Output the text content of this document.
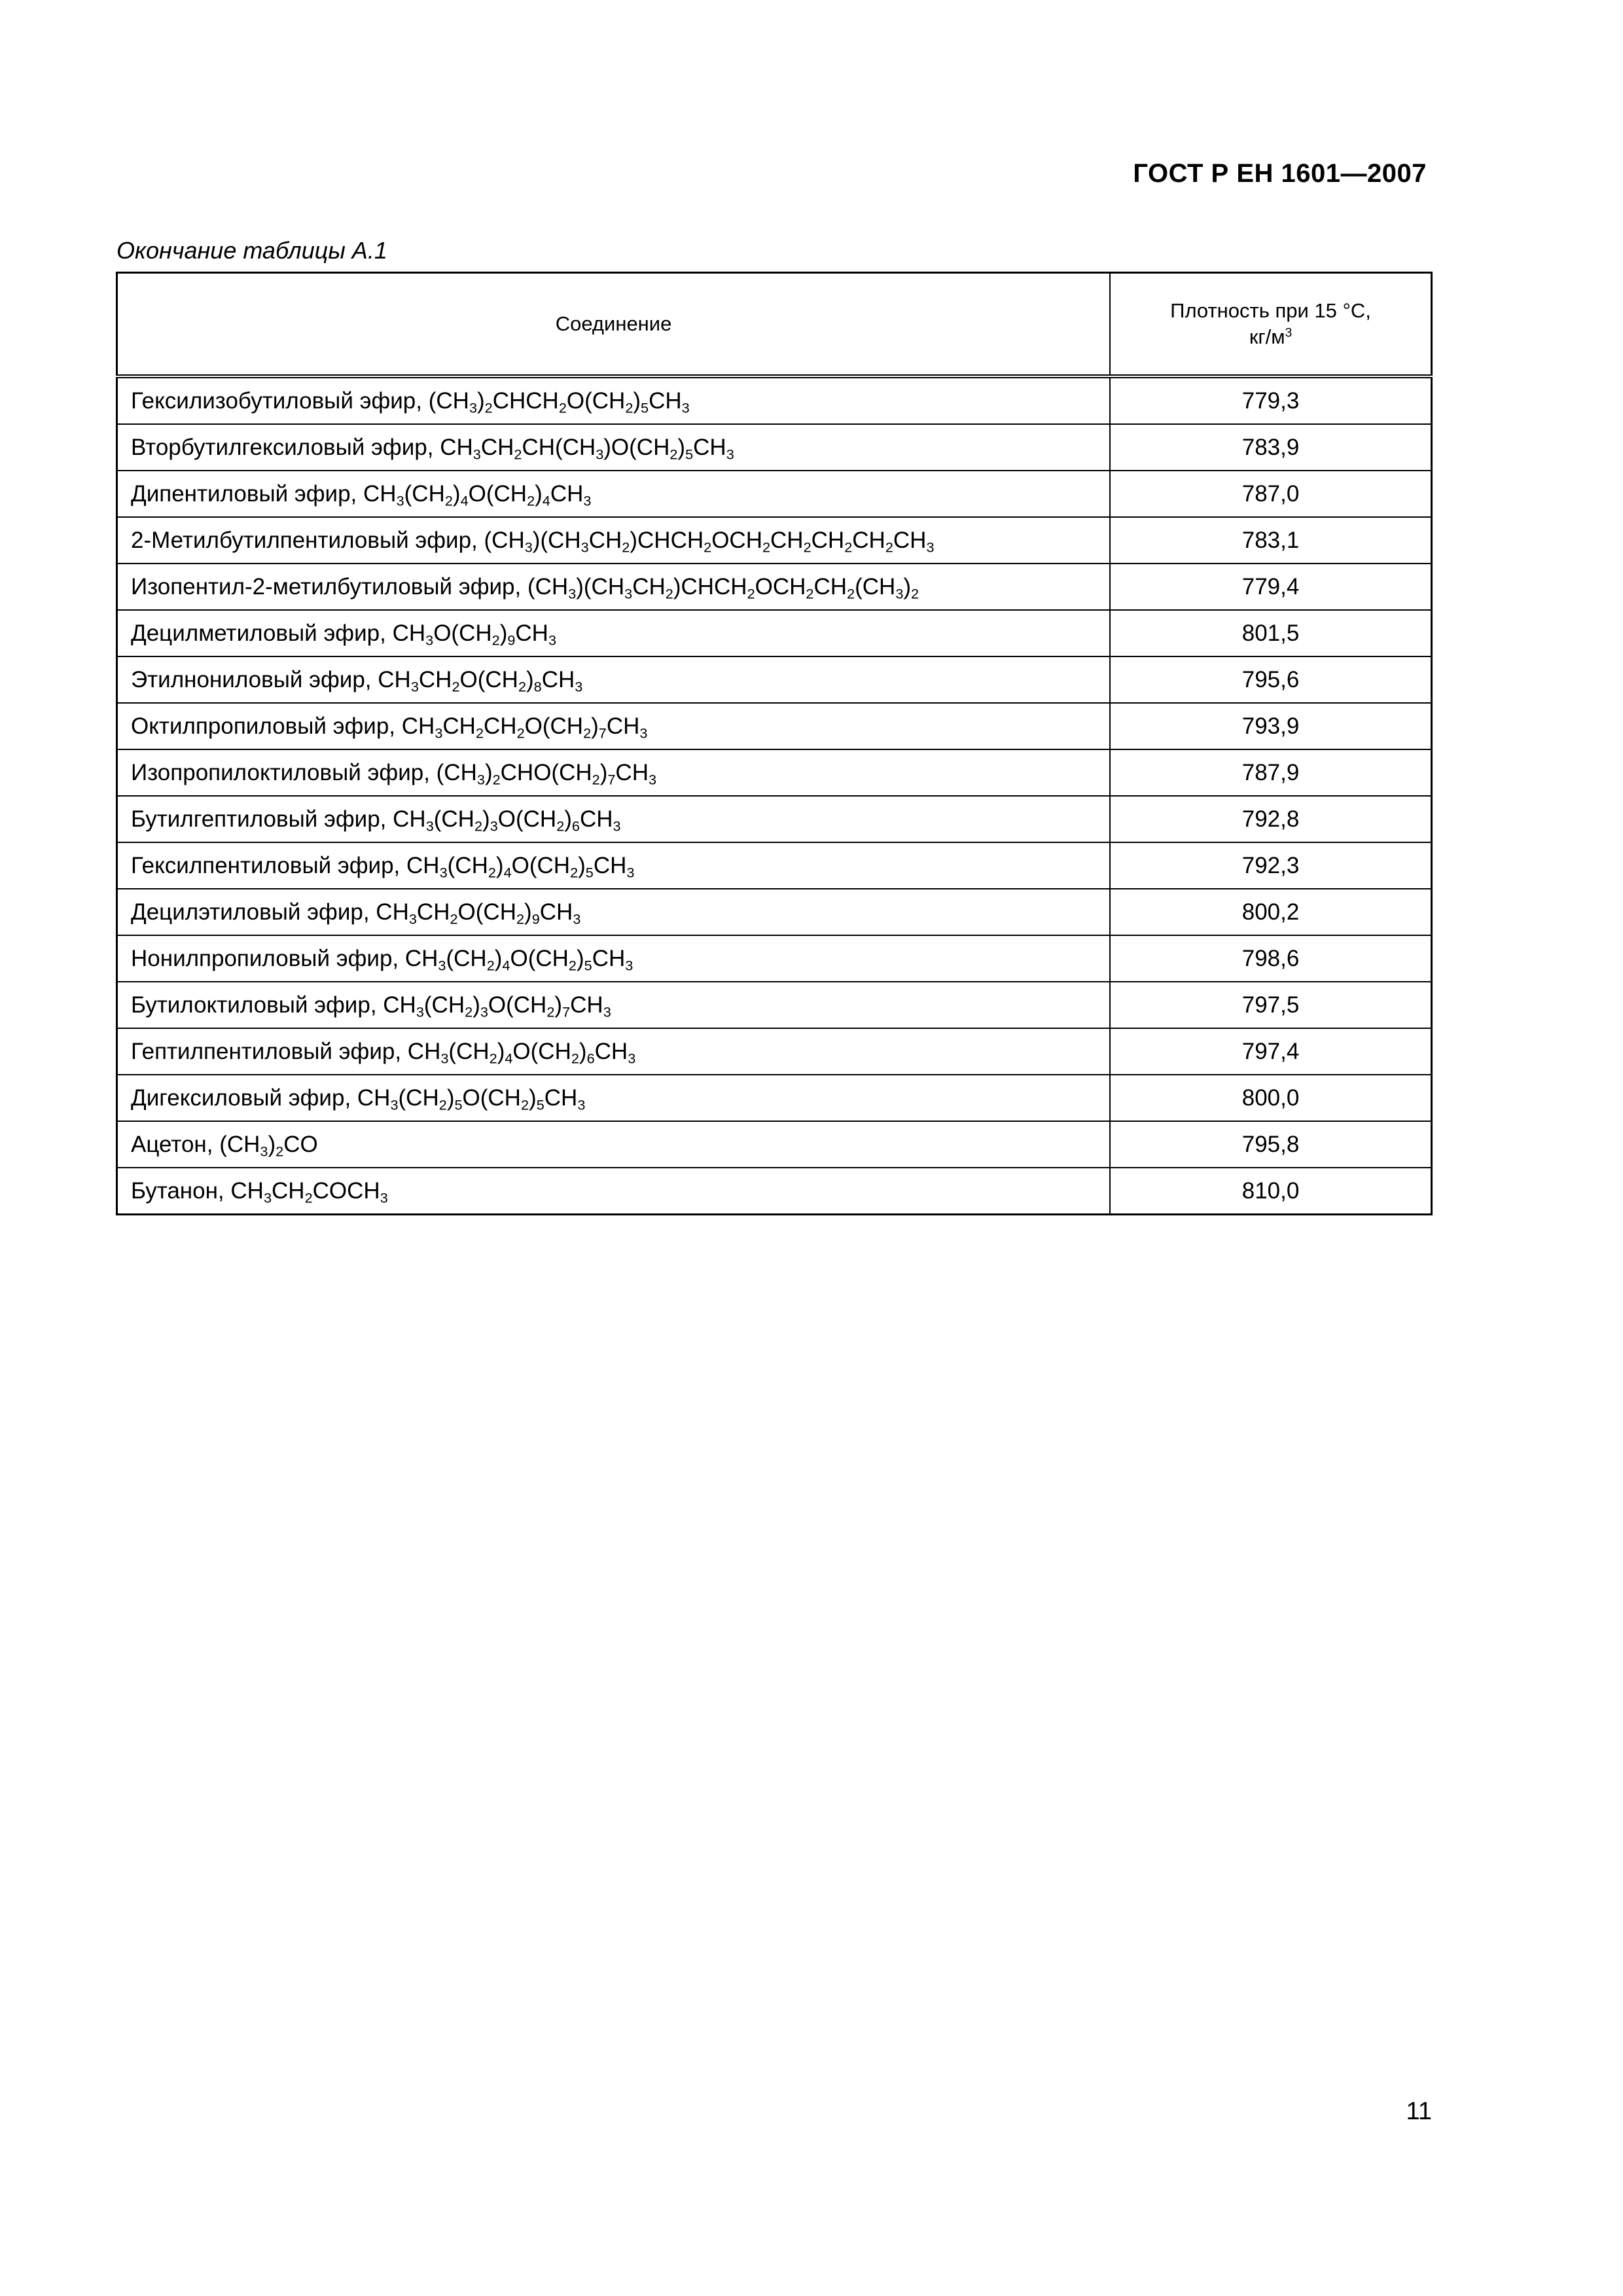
ГОСТ Р ЕН 1601—2007
Окончание таблицы А.1
Соединение	Плотность при 15 °С,
$кг/м^3$
Гексилизобутиловый эфир, $(CH_3)_2CHCH_2O(CH_2)_5CH_3$	779,3
Вторбутилгексиловый эфир, $CH_3CH_2CH(CH_3)O(CH_2)_5CH_3$	783,9
Дипентиловый эфир, $CH_3(CH_2)_4O(CH_2)_4CH_3$	787,0
2-Метилбутилпентиловый эфир, $(CH_3)(CH_3CH_2)CHCH_2OCH_2CH_2CH_2CH_2CH_3$	783,1
Изопентил-2-метилбутиловый эфир, $(CH_3)(CH_3CH_2)CHCH_2OCH_2CH_2(CH_3)_2$	779,4
Децилметиловый эфир, $CH_3O(CH_2)_9CH_3$	801,5
Этилнониловый эфир, $CH_3CH_2O(CH_2)_8CH_3$	795,6
Октилпропиловый эфир, $CH_3CH_2CH_2O(CH_2)_7CH_3$	793,9
Изопропилоктиловый эфир, $(CH_3)_2CHO(CH_2)_7CH_3$	787,9
Бутилгептиловый эфир, $CH_3(CH_2)_3O(CH_2)_6CH_3$	792,8
Гексилпентиловый эфир, $CH_3(CH_2)_4O(CH_2)_5CH_3$	792,3
Децилэтиловый эфир, $CH_3CH_2O(CH_2)_9CH_3$	800,2
Нонилпропиловый эфир, $CH_3(CH_2)_4O(CH_2)_5CH_3$	798,6
Бутилоктиловый эфир, $CH_3(CH_2)_3O(CH_2)_7CH_3$	797,5
Гептилпентиловый эфир, $CH_3(CH_2)_4O(CH_2)_6CH_3$	797,4
Дигексиловый эфир, $CH_3(CH_2)_5O(CH_2)_5CH_3$	800,0
Ацетон, $(CH_3)_2CO$	795,8
Бутанон, $CH_3CH_2COCH_3$	810,0
11
